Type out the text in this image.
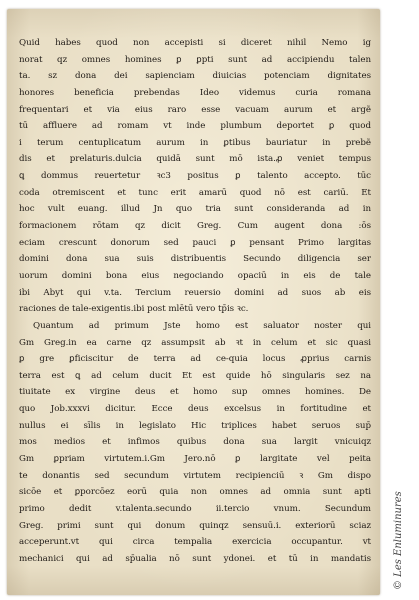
Quid habes quod non accepisti si diceret nihil Nemo ig
norat qz omnes homines ꝑ ꝑpti sunt ad accipiendu talen
ta. sz dona dei sapienciam diuicias potenciam dignitates
honores beneficia prebendas Ideo videmus curia romana
frequentari et via eius raro esse vacuam aurum et argẽ
tū affluere ad romam vt inde plumbum deportet ꝑ quod
i terum centuplicatum aurum in ꝑtibus bauriatur in prebẽ
dis et prelaturis.dulcia quidā sunt mō ista.ꝓ veniet tempus
ꝗ dommus reuertetur ꝛc3 positus ꝑ talento accepto. tūc
coda otremiscent et tunc erit amarū quod nō est cariū. Et
hoc vult euang. illud Jn quo tria sunt consideranda ad in
formacionem rōtam qz dicit Greg. Cum augent dona :ōs
eciam crescunt donorum sed pauci ꝑ pensant Primo largitas
domini dona sua suis distribuentis Secundo diligencia ser
uorum domini bona eius negociando opaciū in eis de tale
ibi Abyt qui v.ta. Tercium reuersio domini ad suos ab eis
raciones de tale-exigentis.ibi post mlētū vero tp̄is ꝛc.
Quantum ad primum Jste homo est saluator noster qui
Gm Greg.in ea carne qz assumpsit ab ꝛt in celum et sic quasi
ꝑ gre ꝑficiscitur de terra ad ce-quia locus ꝓprius carnis
terra est ꝗ ad celum ducit Et est quide hō singularis sez na
tiuitate ex virgine deus et homo sup omnes homines. De
quo Job.xxxvi dicitur. Ecce deus excelsus in fortitudine et
nullus ei sīlis in legislato Hic triplices habet seruos sup̄
mos medios et infimos quibus dona sua largit vnicuiqz
Gm ꝑpriam virtutem.i.Gm Jero.nō ꝑ largitate vel peita
te donantis sed secundum virtutem recipienciū ꝛ Gm dispo
sicōe et ꝑporcōez eorū quia non omnes ad omnia sunt apti
primo dedit v.talenta.secundo ii.tercio vnum. Secundum
Greg. primi sunt qui donum quinqz sensuū.i. exteriorū sciaz
acceperunt.vt qui circa tempalia exercicia occupantur. vt
mechanici qui ad sp̄ualia nō sunt ydonei. et tū in mandatis © Les Enluminures
